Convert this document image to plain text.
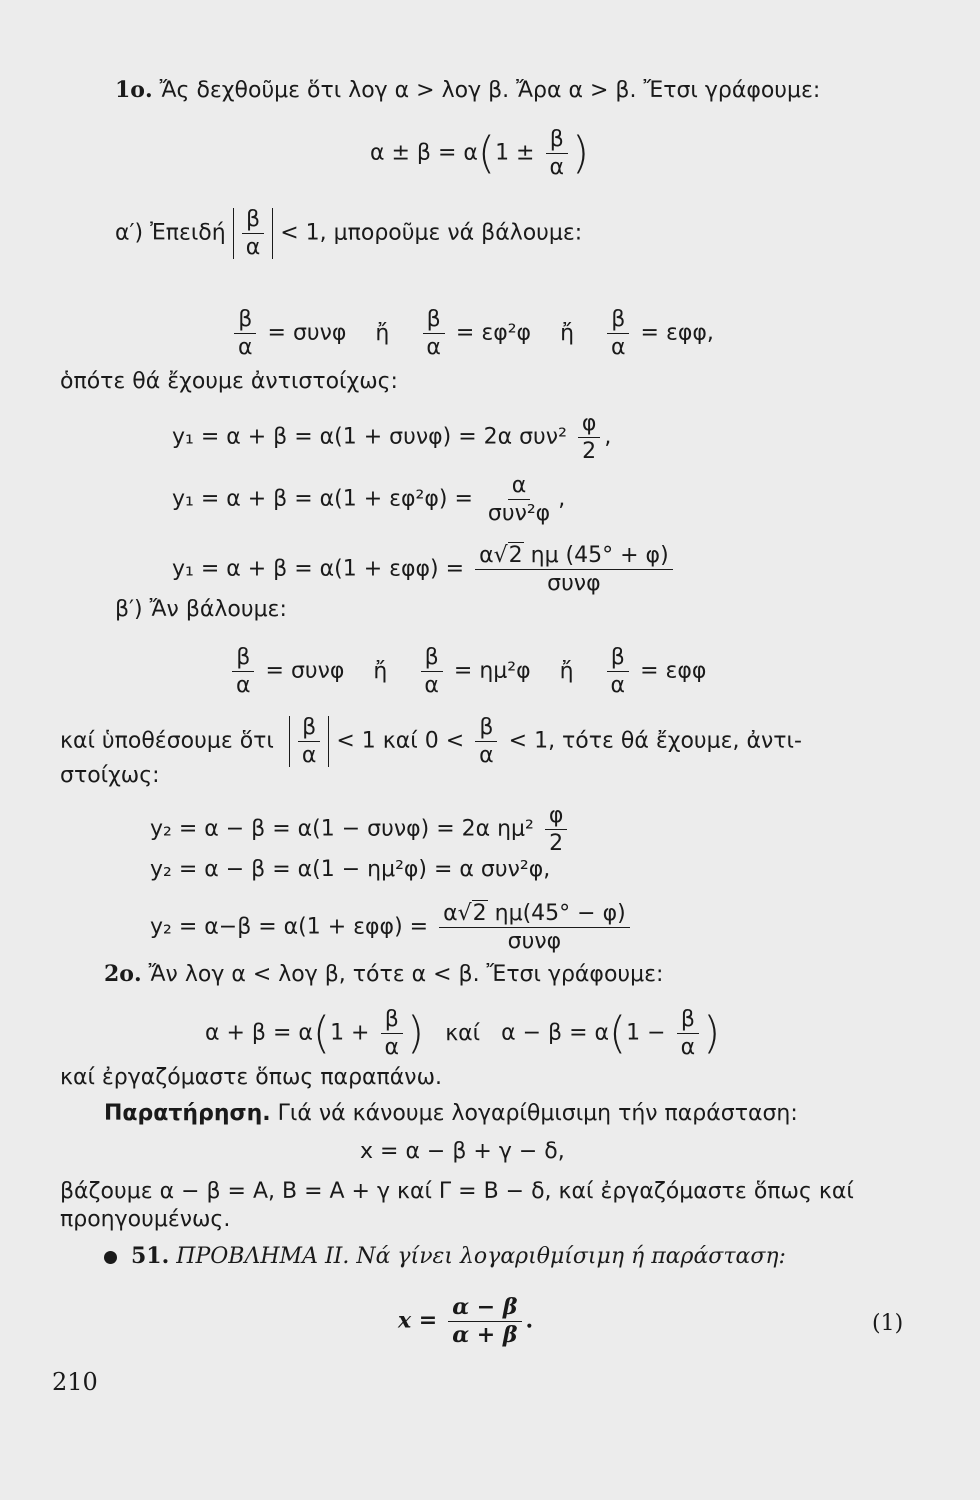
1ο. Ἄς δεχθοῦμε ὅτι λογ α > λογ β. Ἄρα α > β. Ἔτσι γράφουμε:
$\alpha \pm \beta = \alpha(1 \pm \frac{\beta}{\alpha}$ )
α′) Ἐπειδή $\frac{\beta}{\alpha} < 1$, μποροῦμε νά βάλουμε:
$\frac{\beta}{\alpha} = \sigma\upsilon\nu\varphi$ ἤ $\frac{\beta}{\alpha} = \varepsilon\varphi^2\varphi$ ἤ $\frac{\beta}{\alpha} = \varepsilon\varphi\varphi$,
ὁπότε θά ἔχουμε ἀντιστοίχως:
y₁ = α + β = α(1 + συνφ) = 2α $\sigma\upsilon\nu^2 \frac{\varphi}{2}$ ,
$y_1 = \alpha + \beta = \alpha(1 + \varepsilon\varphi^2\varphi) = \frac{\alpha}{\text{συν²φ}}$ ,
$y_1 = \alpha + \beta = \alpha(1 + \varepsilon\varphi\varphi) = \frac{\alpha√2 \eta\mu (45^\circ + \varphi)}{\text{συνφ}}$
β′) Ἄν βάλουμε:
$\frac{\beta}{\alpha} = \sigma\upsilon\nu\varphi$ ἤ $\frac{\beta}{\alpha} = \eta\mu^2\varphi$ ἤ $\frac{\beta}{\alpha} = \varepsilon\varphi\varphi$
καί ὑποθέσουμε ὅτι $\frac{\beta}{\alpha} < 1$ καί $0 < \frac{\beta}{\alpha} < 1$, τότε θά ἔχουμε, ἀντι-
στοίχως:
y₂ = α − β = α(1 − συνφ) = 2α $\eta\mu^2 \frac{\varphi}{2}$
y₂ = α − β = α(1 − ημ²φ) = α συν²φ,
$y_2 = \alpha-\beta = \alpha(1 + \varepsilon\varphi\varphi) = \frac{\alpha√2 \eta\mu(45^\circ - \varphi)}{\text{συνφ}}$
2ο. Ἄν λογ α < λογ β, τότε α < β. Ἔτσι γράφουμε:
$\alpha + \beta = \alpha(1 + \frac{\beta}{\alpha}$ ) καί $\alpha - \beta = \alpha(1 - \frac{\beta}{\alpha}$ )
καί ἐργαζόμαστε ὅπως παραπάνω.
Παρατήρηση. Γιά νά κάνουμε λογαρίθμισιμη τήν παράσταση:
x = α − β + γ − δ,
βάζουμε α − β = Α, Β = Α + γ καί Γ = Β − δ, καί ἐργαζόμαστε ὅπως καί
προηγουμένως.
51. ΠΡΟΒΛΗΜΑ ΙΙ. Νά γίνει λογαριθμίσιμη ή παράσταση:
$x = \frac{\alpha - \beta}{\alpha + \beta}$ .	(1)
210
